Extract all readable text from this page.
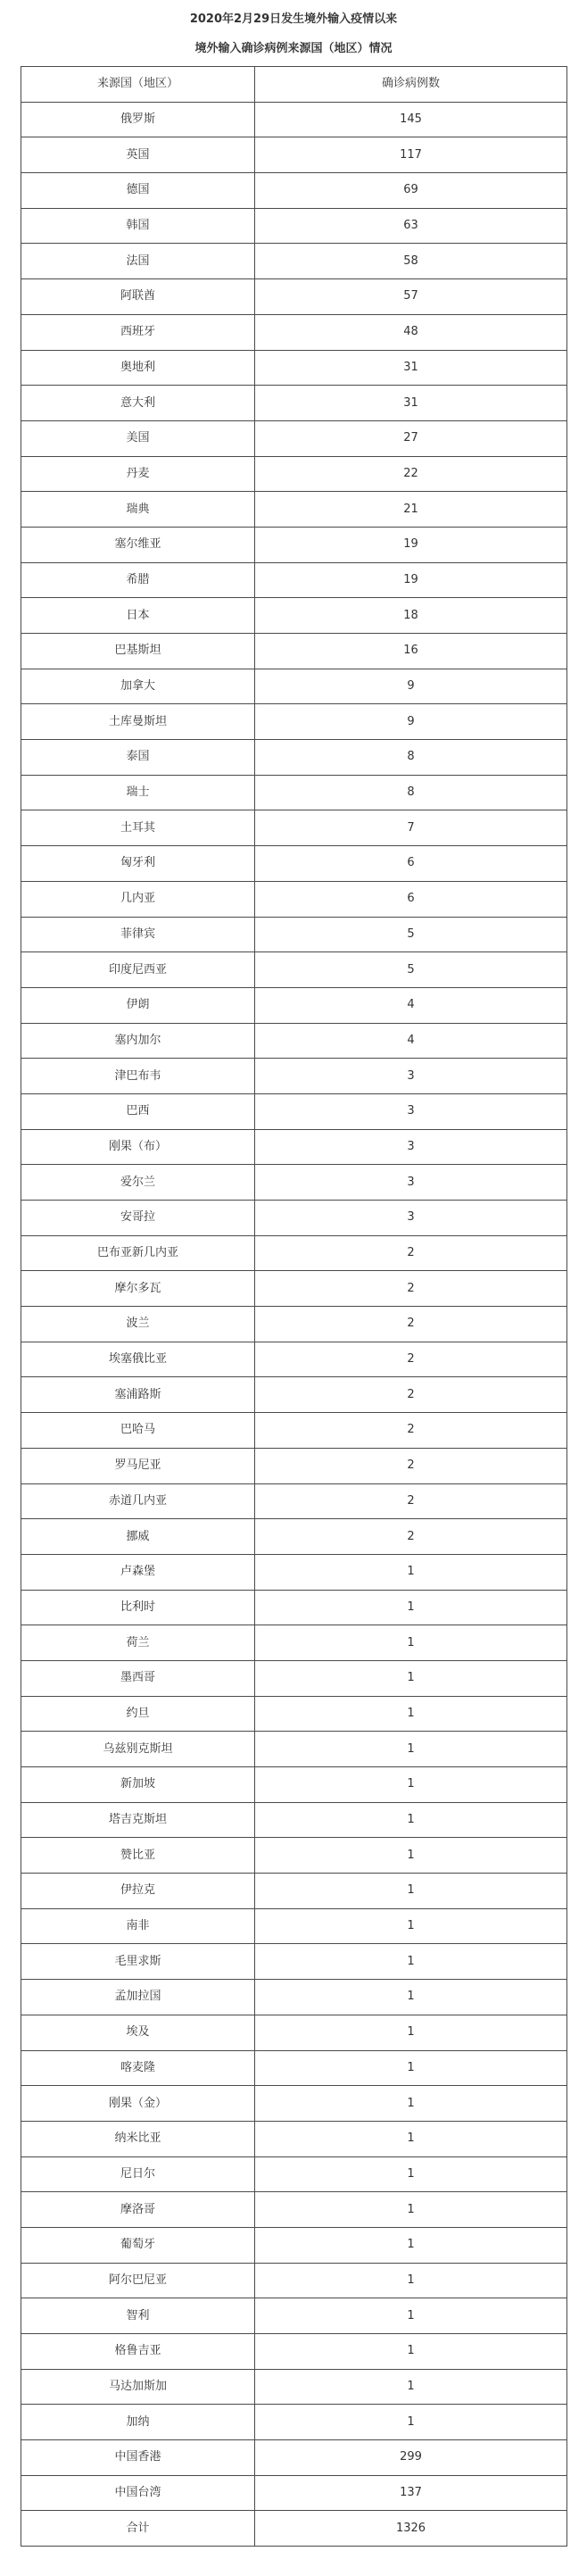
2020年2月29日发生境外输入疫情以来
境外输入确诊病例来源国（地区）情况
来源国（地区）	确诊病例数
俄罗斯	145
英国	117
德国	69
韩国	63
法国	58
阿联酋	57
西班牙	48
奥地利	31
意大利	31
美国	27
丹麦	22
瑞典	21
塞尔维亚	19
希腊	19
日本	18
巴基斯坦	16
加拿大	9
土库曼斯坦	9
泰国	8
瑞士	8
土耳其	7
匈牙利	6
几内亚	6
菲律宾	5
印度尼西亚	5
伊朗	4
塞内加尔	4
津巴布韦	3
巴西	3
刚果（布）	3
爱尔兰	3
安哥拉	3
巴布亚新几内亚	2
摩尔多瓦	2
波兰	2
埃塞俄比亚	2
塞浦路斯	2
巴哈马	2
罗马尼亚	2
赤道几内亚	2
挪威	2
卢森堡	1
比利时	1
荷兰	1
墨西哥	1
约旦	1
乌兹别克斯坦	1
新加坡	1
塔吉克斯坦	1
赞比亚	1
伊拉克	1
南非	1
毛里求斯	1
孟加拉国	1
埃及	1
喀麦隆	1
刚果（金）	1
纳米比亚	1
尼日尔	1
摩洛哥	1
葡萄牙	1
阿尔巴尼亚	1
智利	1
格鲁吉亚	1
马达加斯加	1
加纳	1
中国香港	299
中国台湾	137
合计	1326
